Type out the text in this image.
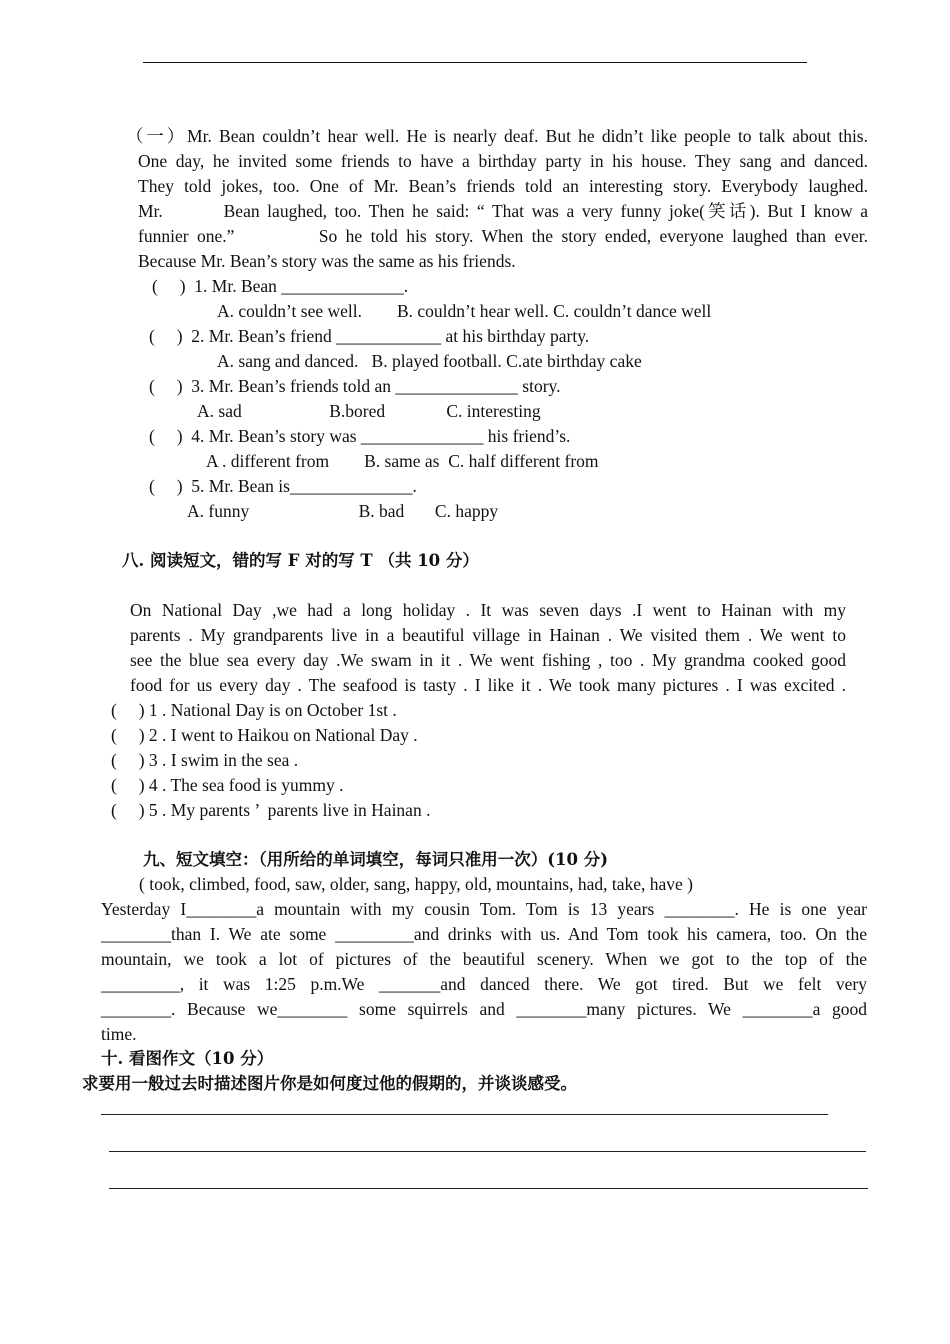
（一）Mr. Bean couldn’t hear well. He is nearly deaf. But he didn’t like people to talk about this.
One day, he invited some friends to have a birthday party in his house. They sang and danced.
They told jokes, too. One of Mr. Bean’s friends told an interesting story. Everybody laughed.
Mr.        Bean laughed, too. Then he said: “ That was a very funny joke(笑话). But I know a
funnier one.”          So he told his story. When the story ended, everyone laughed than ever.
Because Mr. Bean’s story was the same as his friends.
(     )  1. Mr. Bean ______________.
A. couldn’t see well.        B. couldn’t hear well. C. couldn’t dance well
(     )  2. Mr. Bean’s friend ____________ at his birthday party.
A. sang and danced.   B. played football. C.ate birthday cake
(     )  3. Mr. Bean’s friends told an ______________ story.
A. sad                    B.bored              C. interesting
(     )  4. Mr. Bean’s story was ______________ his friend’s.
A . different from        B. same as  C. half different from
(     )  5. Mr. Bean is______________.
A. funny                         B. bad       C. happy
八. 阅读短文，错的写 F 对的写 T （共 10 分）
On National Day ,we had a long holiday . It was seven days .I went to Hainan with my
parents . My grandparents live in a beautiful village in Hainan . We visited them . We went to
see the blue sea every day .We swam in it . We went fishing , too . My grandma cooked good
food for us every day . The seafood is tasty . I like it . We took many pictures . I was excited .
(     ) 1 . National Day is on October 1st .
(     ) 2 . I went to Haikou on National Day .
(     ) 3 . I swim in the sea .
(     ) 4 . The sea food is yummy .
(     ) 5 . My parents ’  parents live in Hainan .
九、短文填空：（用所给的单词填空，每词只准用一次）(10 分)
( took, climbed, food, saw, older, sang, happy, old, mountains, had, take, have )
Yesterday I________a mountain with my cousin Tom. Tom is 13 years ________. He is one year
________than I. We ate some _________and drinks with us. And Tom took his camera, too. On the
mountain, we took a lot of pictures of the beautiful scenery. When we got to the top of the
_________, it was 1:25 p.m.We _______and danced there. We got tired. But we felt very
________. Because we________ some squirrels and ________many pictures. We ________a good
time.
十. 看图作文（10 分）
求要用一般过去时描述图片你是如何度过他的假期的，并谈谈感受。
